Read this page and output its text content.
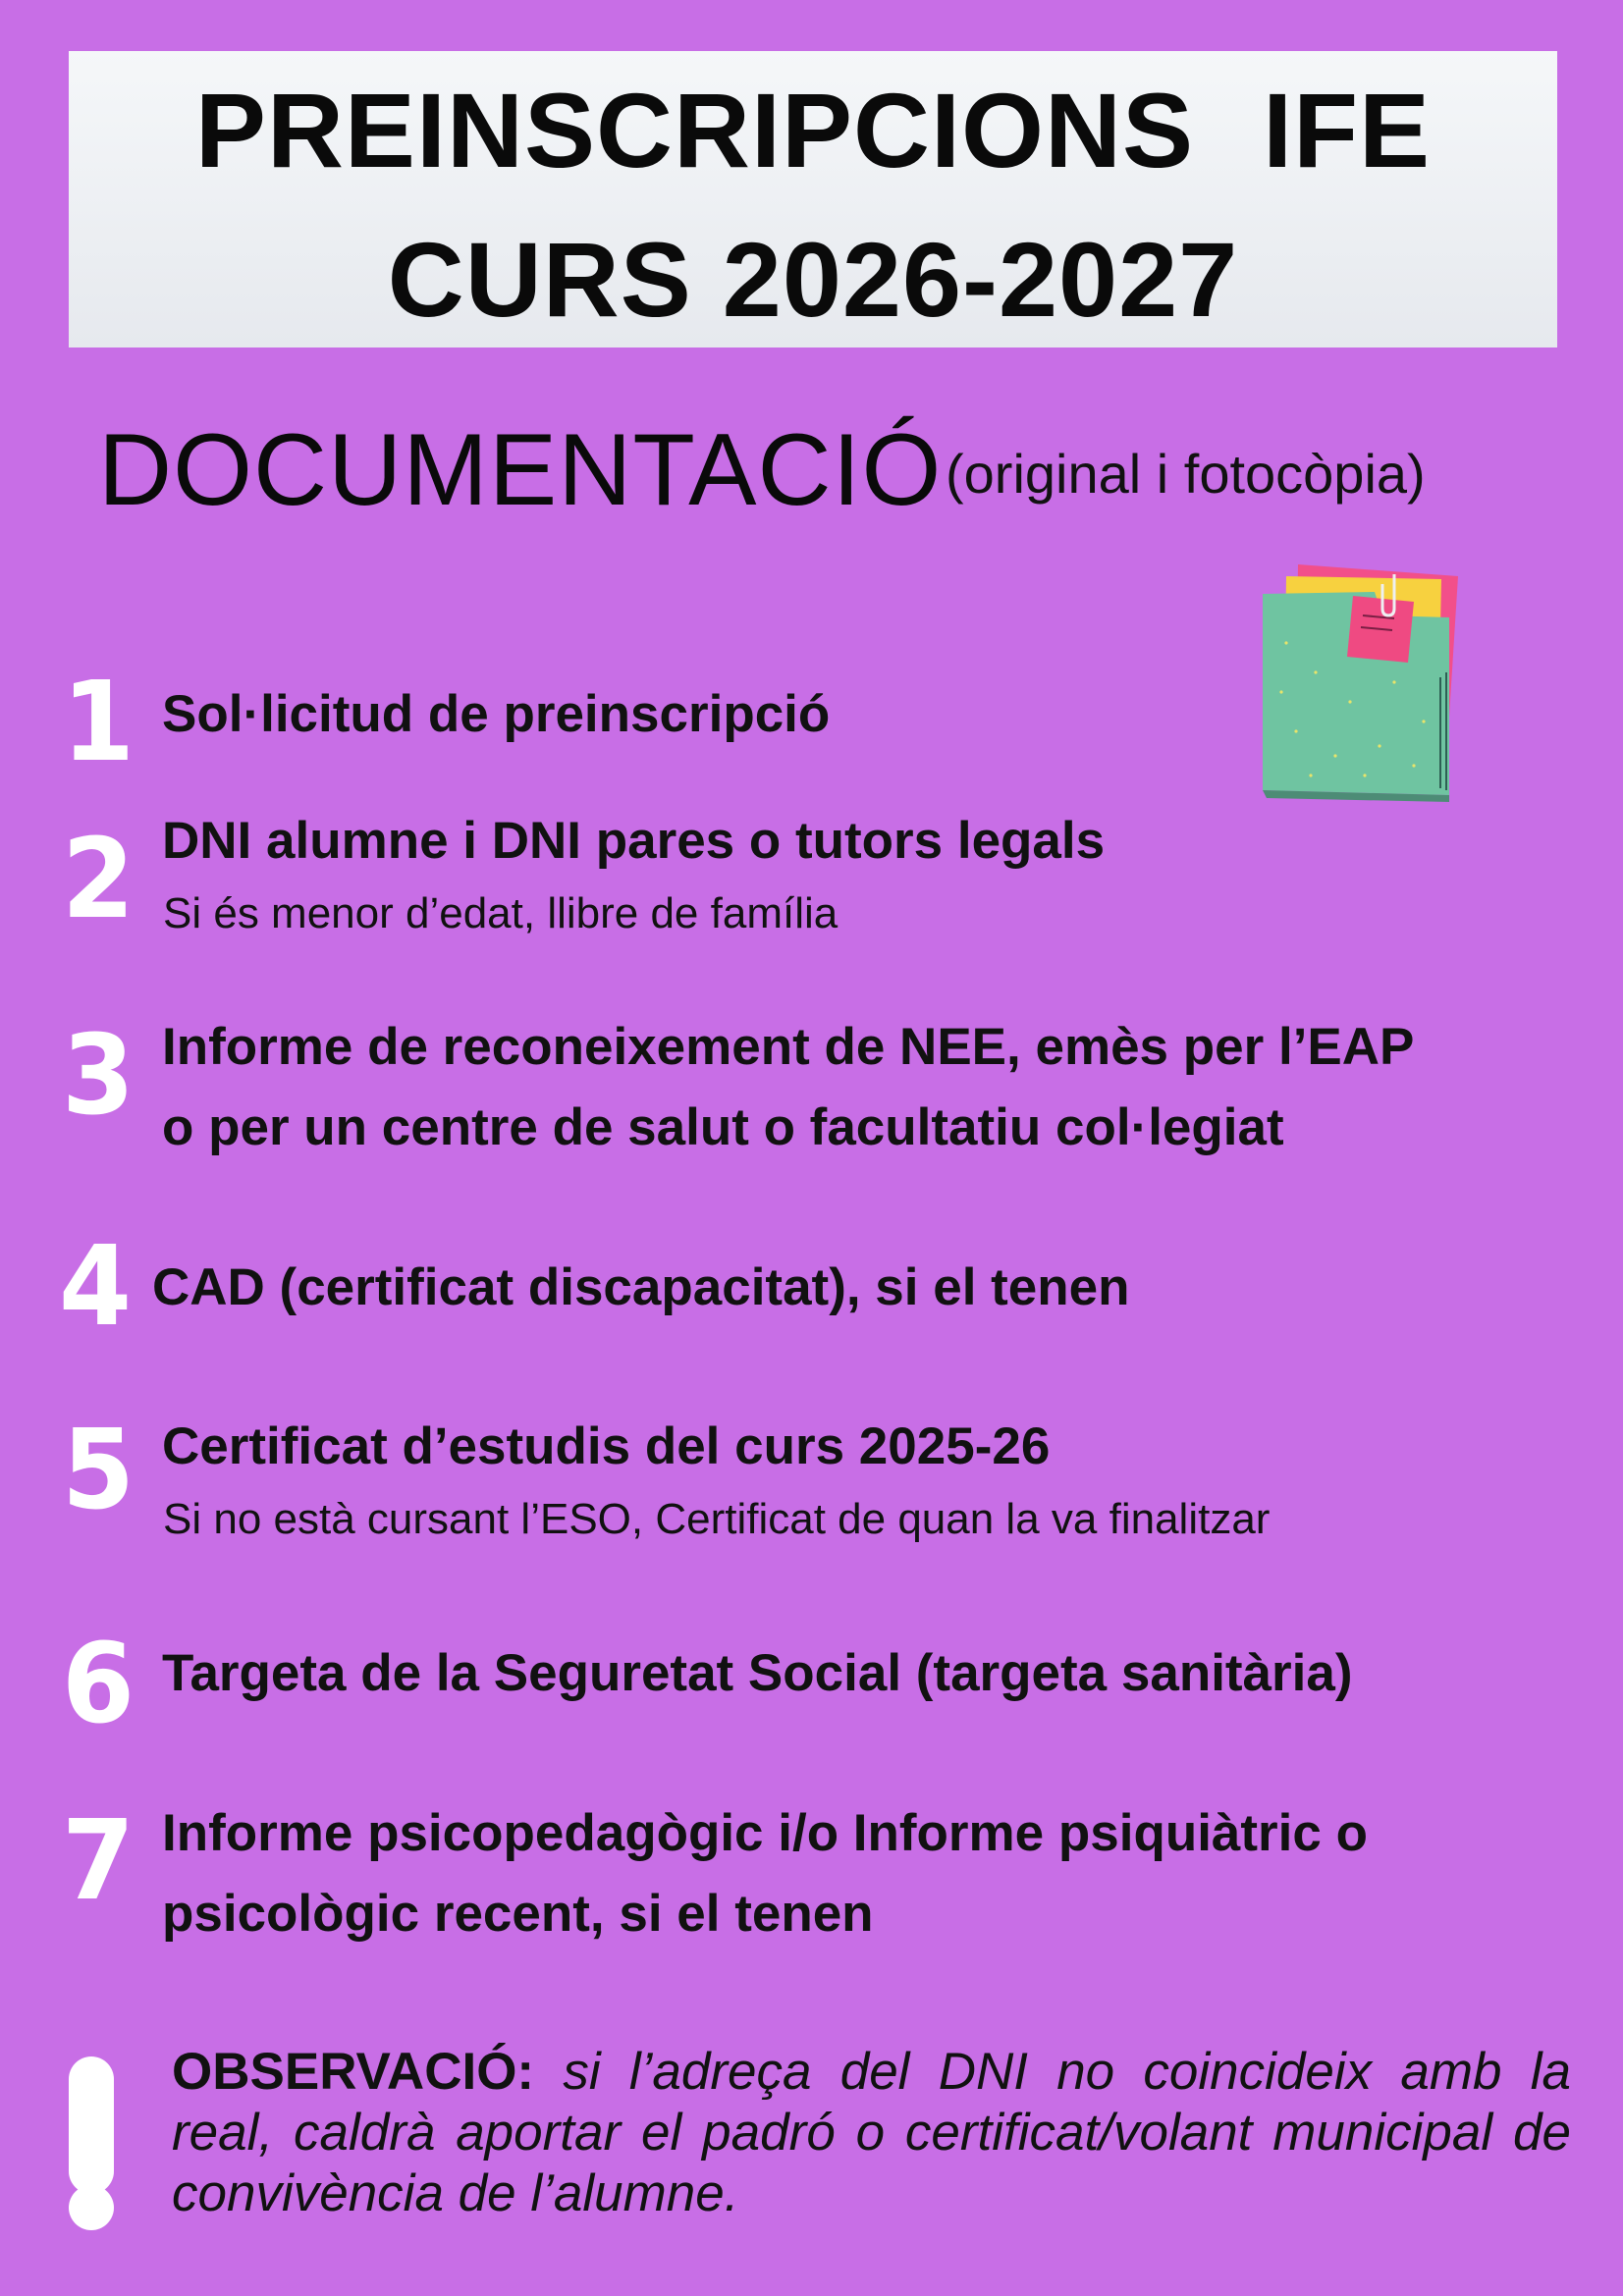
PREINSCRIPCIONS IFE
CURS 2026-2027
DOCUMENTACIÓ (original i fotocòpia)
1 Sol·licitud de preinscripció
2 DNI alumne i DNI pares o tutors legals
Si és menor d’edat, llibre de família
3 Informe de reconeixement de NEE, emès per l’EAP
o per un centre de salut o facultatiu col·legiat
4 CAD (certificat discapacitat), si el tenen
5 Certificat d’estudis del curs 2025-26
Si no està cursant l’ESO, Certificat de quan la va finalitzar
6 Targeta de la Seguretat Social (targeta sanitària)
7 Informe psicopedagògic i/o Informe psiquiàtric o
psicològic recent, si el tenen
OBSERVACIÓ: si l’adreça del DNI no coincideix amb la real, caldrà aportar el padró o certificat/volant municipal de convivència de l’alumne.
